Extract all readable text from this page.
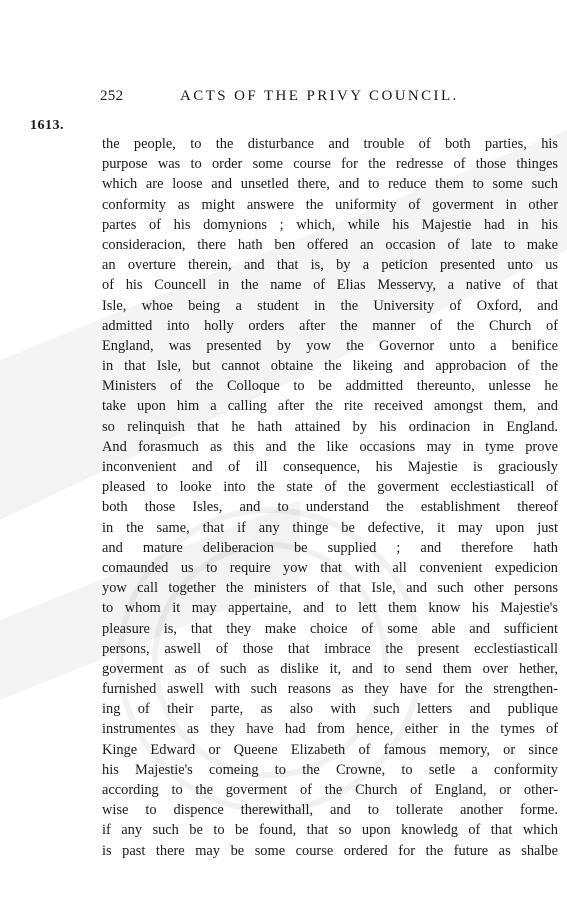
252	ACTS OF THE PRIVY COUNCIL.
1613.
the people, to the disturbance and trouble of both parties, his
purpose was to order some course for the redresse of those thinges
which are loose and unsetled there, and to reduce them to some such
conformity as might answere the uniformity of goverment in other
partes of his domynions ; which, while his Majestie had in his
consideracion, there hath ben offered an occasion of late to make
an overture therein, and that is, by a peticion presented unto us
of his Councell in the name of Elias Messervy, a native of that
Isle, whoe being a student in the University of Oxford, and
admitted into holly orders after the manner of the Church of
England, was presented by yow the Governor unto a benifice
in that Isle, but cannot obtaine the likeing and approbacion of the
Ministers of the Colloque to be addmitted thereunto, unlesse he
take upon him a calling after the rite received amongst them, and
so relinquish that he hath attained by his ordinacion in England.
And forasmuch as this and the like occasions may in tyme prove
inconvenient and of ill consequence, his Majestie is graciously
pleased to looke into the state of the goverment ecclestiasticall of
both those Isles, and to understand the establishment thereof
in the same, that if any thinge be defective, it may upon just
and mature deliberacion be supplied ; and therefore hath
comaunded us to require yow that with all convenient expedicion
yow call together the ministers of that Isle, and such other persons
to whom it may appertaine, and to lett them know his Majestie's
pleasure is, that they make choice of some able and sufficient
persons, aswell of those that imbrace the present ecclestiasticall
goverment as of such as dislike it, and to send them over hether,
furnished aswell with such reasons as they have for the strengthen-
ing of their parte, as also with such letters and publique
instrumentes as they have had from hence, either in the tymes of
Kinge Edward or Queene Elizabeth of famous memory, or since
his Majestie's comeing to the Crowne, to setle a conformity
according to the goverment of the Church of England, or other-
wise to dispence therewithall, and to tollerate another forme.
if any such be to be found, that so upon knowledg of that which
is past there may be some course ordered for the future as shalbe
